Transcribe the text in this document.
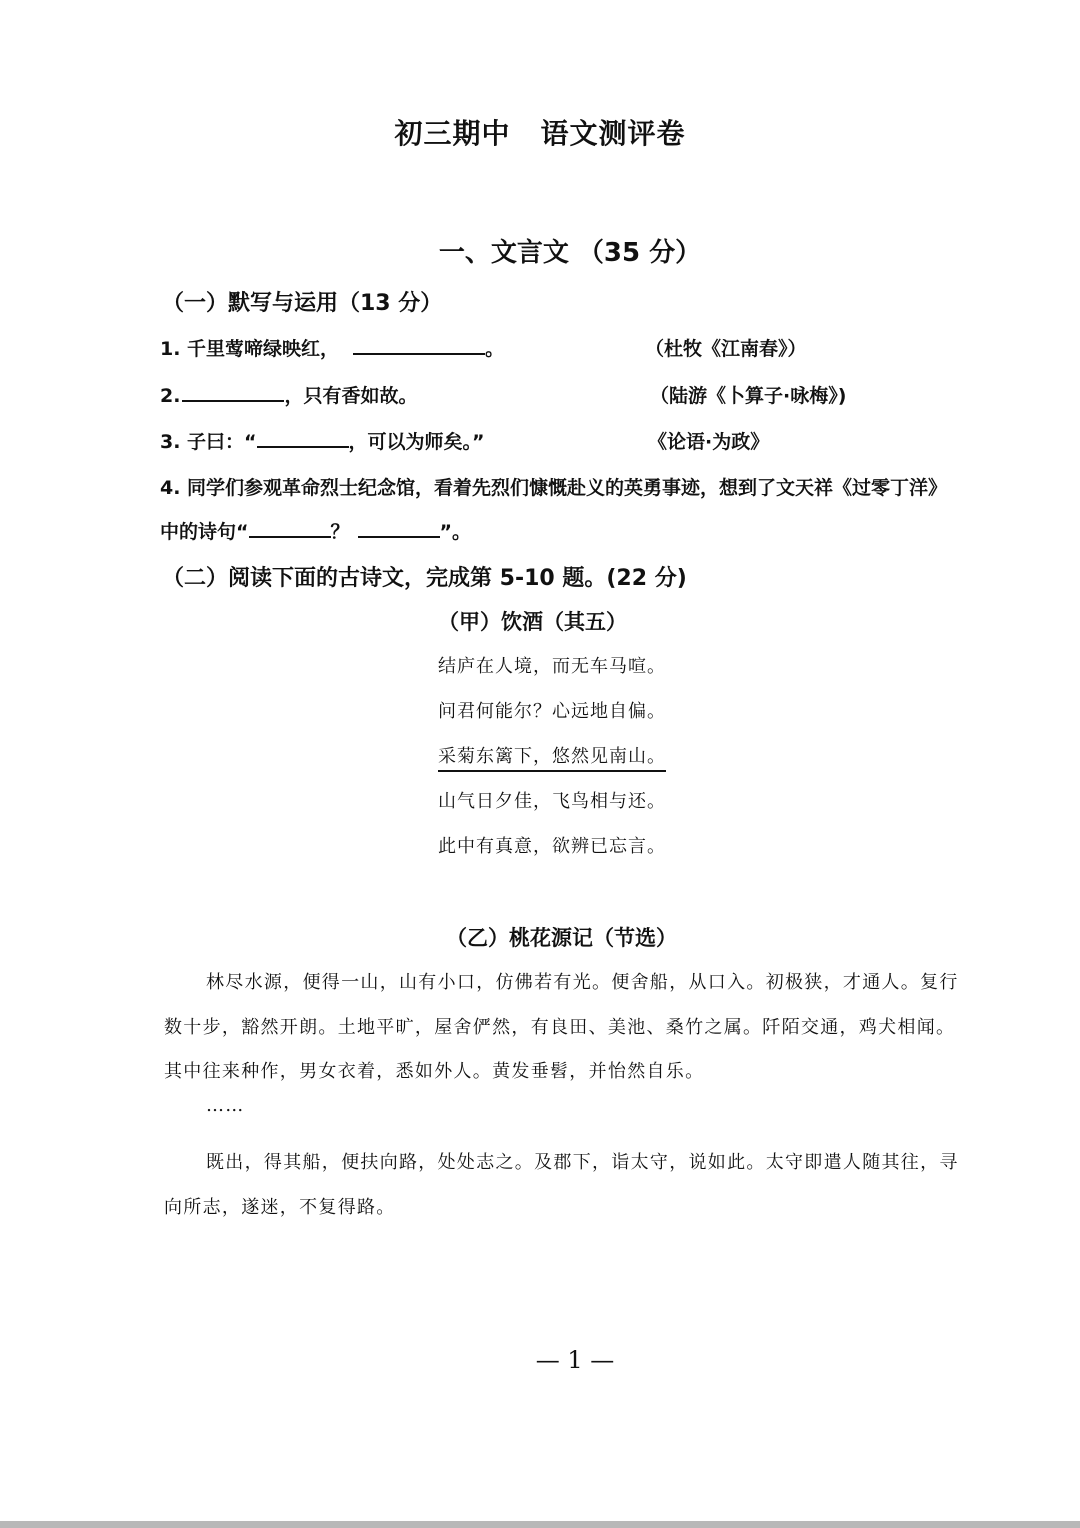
初三期中 语文测评卷
一、文言文 （35 分）
（一）默写与运用（13 分）
1. 千里莺啼绿映红，	。	（杜牧《江南春》）
2.	，只有香如故。	（陆游《卜算子·咏梅》)
3. 子曰：“	，可以为师矣。”	《论语·为政》
4. 同学们参观革命烈士纪念馆，看着先烈们慷慨赴义的英勇事迹，想到了文天祥《过零丁洋》
中的诗句“	？	”。
（二）阅读下面的古诗文，完成第 5-10 题。(22 分)
（甲）饮酒（其五）
结庐在人境，而无车马喧。
问君何能尔？心远地自偏。
采菊东篱下，悠然见南山。
山气日夕佳，飞鸟相与还。
此中有真意，欲辨已忘言。
（乙）桃花源记（节选）
林尽水源，便得一山，山有小口，仿佛若有光。便舍船，从口入。初极狭，才通人。复行
数十步，豁然开朗。土地平旷，屋舍俨然，有良田、美池、桑竹之属。阡陌交通，鸡犬相闻。
其中往来种作，男女衣着，悉如外人。黄发垂髫，并怡然自乐。
……
既出，得其船，便扶向路，处处志之。及郡下，诣太守，说如此。太守即遣人随其往，寻
向所志，遂迷，不复得路。
— 1 —
